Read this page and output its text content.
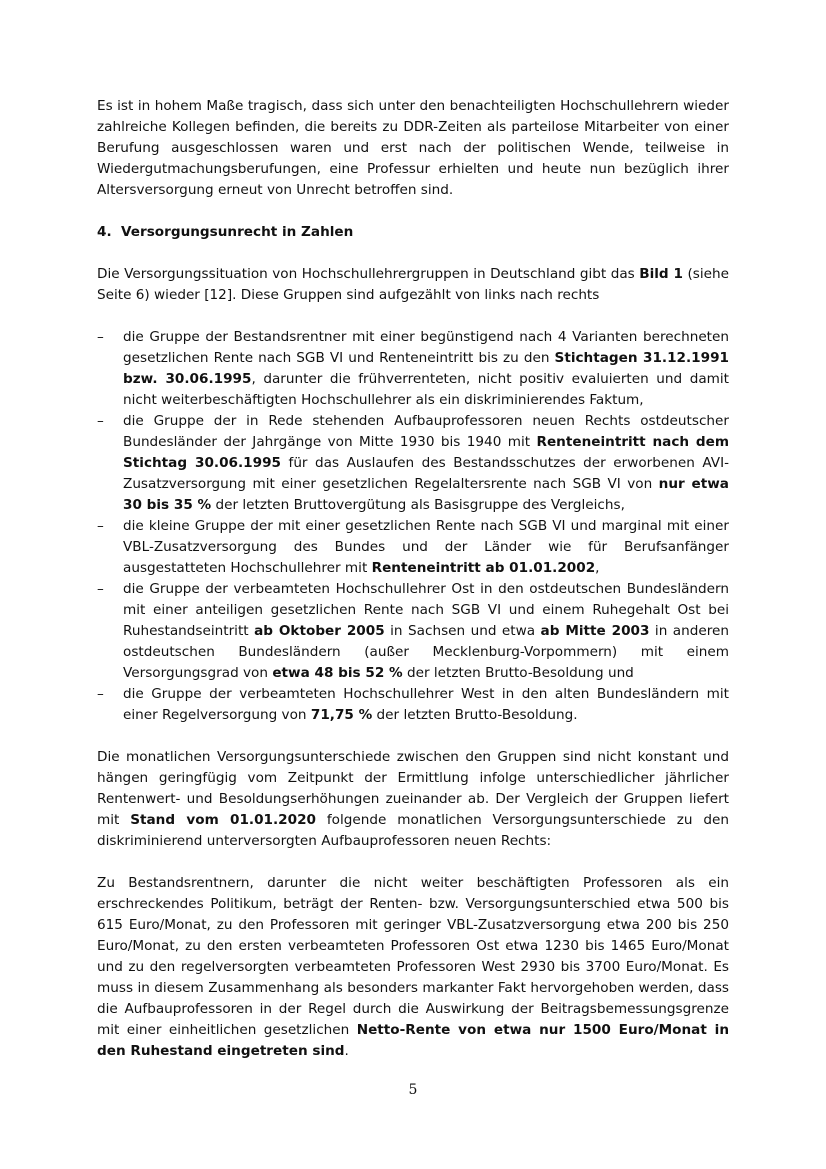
Es ist in hohem Maße tragisch, dass sich unter den benachteiligten Hochschullehrern wieder zahlreiche Kollegen befinden, die bereits zu DDR-Zeiten als parteilose Mitarbeiter von einer Berufung ausgeschlossen waren und erst nach der politischen Wende, teilweise in Wiedergutmachungsberufungen, eine Professur erhielten und heute nun bezüglich ihrer Altersversorgung erneut von Unrecht betroffen sind.

4. Versorgungsunrecht in Zahlen

Die Versorgungssituation von Hochschullehrergruppen in Deutschland gibt das Bild 1 (siehe Seite 6) wieder [12]. Diese Gruppen sind aufgezählt von links nach rechts

– die Gruppe der Bestandsrentner mit einer begünstigend nach 4 Varianten berechneten gesetzlichen Rente nach SGB VI und Renteneintritt bis zu den Stichtagen 31.12.1991 bzw. 30.06.1995, darunter die frühverrenteten, nicht positiv evaluierten und damit nicht weiterbeschäftigten Hochschullehrer als ein diskriminierendes Faktum,
– die Gruppe der in Rede stehenden Aufbauprofessoren neuen Rechts ostdeutscher Bundesländer der Jahrgänge von Mitte 1930 bis 1940 mit Renteneintritt nach dem Stichtag 30.06.1995 für das Auslaufen des Bestandsschutzes der erworbenen AVI-Zusatzversorgung mit einer gesetzlichen Regelaltersrente nach SGB VI von nur etwa 30 bis 35 % der letzten Bruttovergütung als Basisgruppe des Vergleichs,
– die kleine Gruppe der mit einer gesetzlichen Rente nach SGB VI und marginal mit einer VBL-Zusatzversorgung des Bundes und der Länder wie für Berufsanfänger ausgestatteten Hochschullehrer mit Renteneintritt ab 01.01.2002,
– die Gruppe der verbeamteten Hochschullehrer Ost in den ostdeutschen Bundesländern mit einer anteiligen gesetzlichen Rente nach SGB VI und einem Ruhegehalt Ost bei Ruhestandseintritt ab Oktober 2005 in Sachsen und etwa ab Mitte 2003 in anderen ostdeutschen Bundesländern (außer Mecklenburg-Vorpommern) mit einem Versorgungsgrad von etwa 48 bis 52 % der letzten Brutto-Besoldung und
– die Gruppe der verbeamteten Hochschullehrer West in den alten Bundesländern mit einer Regelversorgung von 71,75 % der letzten Brutto-Besoldung.

Die monatlichen Versorgungsunterschiede zwischen den Gruppen sind nicht konstant und hängen geringfügig vom Zeitpunkt der Ermittlung infolge unterschiedlicher jährlicher Rentenwert- und Besoldungserhöhungen zueinander ab. Der Vergleich der Gruppen liefert mit Stand vom 01.01.2020 folgende monatlichen Versorgungsunterschiede zu den diskriminierend unterversorgten Aufbauprofessoren neuen Rechts:

Zu Bestandsrentnern, darunter die nicht weiter beschäftigten Professoren als ein erschreckendes Politikum, beträgt der Renten- bzw. Versorgungsunterschied etwa 500 bis 615 Euro/Monat, zu den Professoren mit geringer VBL-Zusatzversorgung etwa 200 bis 250 Euro/Monat, zu den ersten verbeamteten Professoren Ost etwa 1230 bis 1465 Euro/Monat und zu den regelversorgten verbeamteten Professoren West 2930 bis 3700 Euro/Monat. Es muss in diesem Zusammenhang als besonders markanter Fakt hervorgehoben werden, dass die Aufbauprofessoren in der Regel durch die Auswirkung der Beitragsbemessungsgrenze mit einer einheitlichen gesetzlichen Netto-Rente von etwa nur 1500 Euro/Monat in den Ruhestand eingetreten sind.

5
